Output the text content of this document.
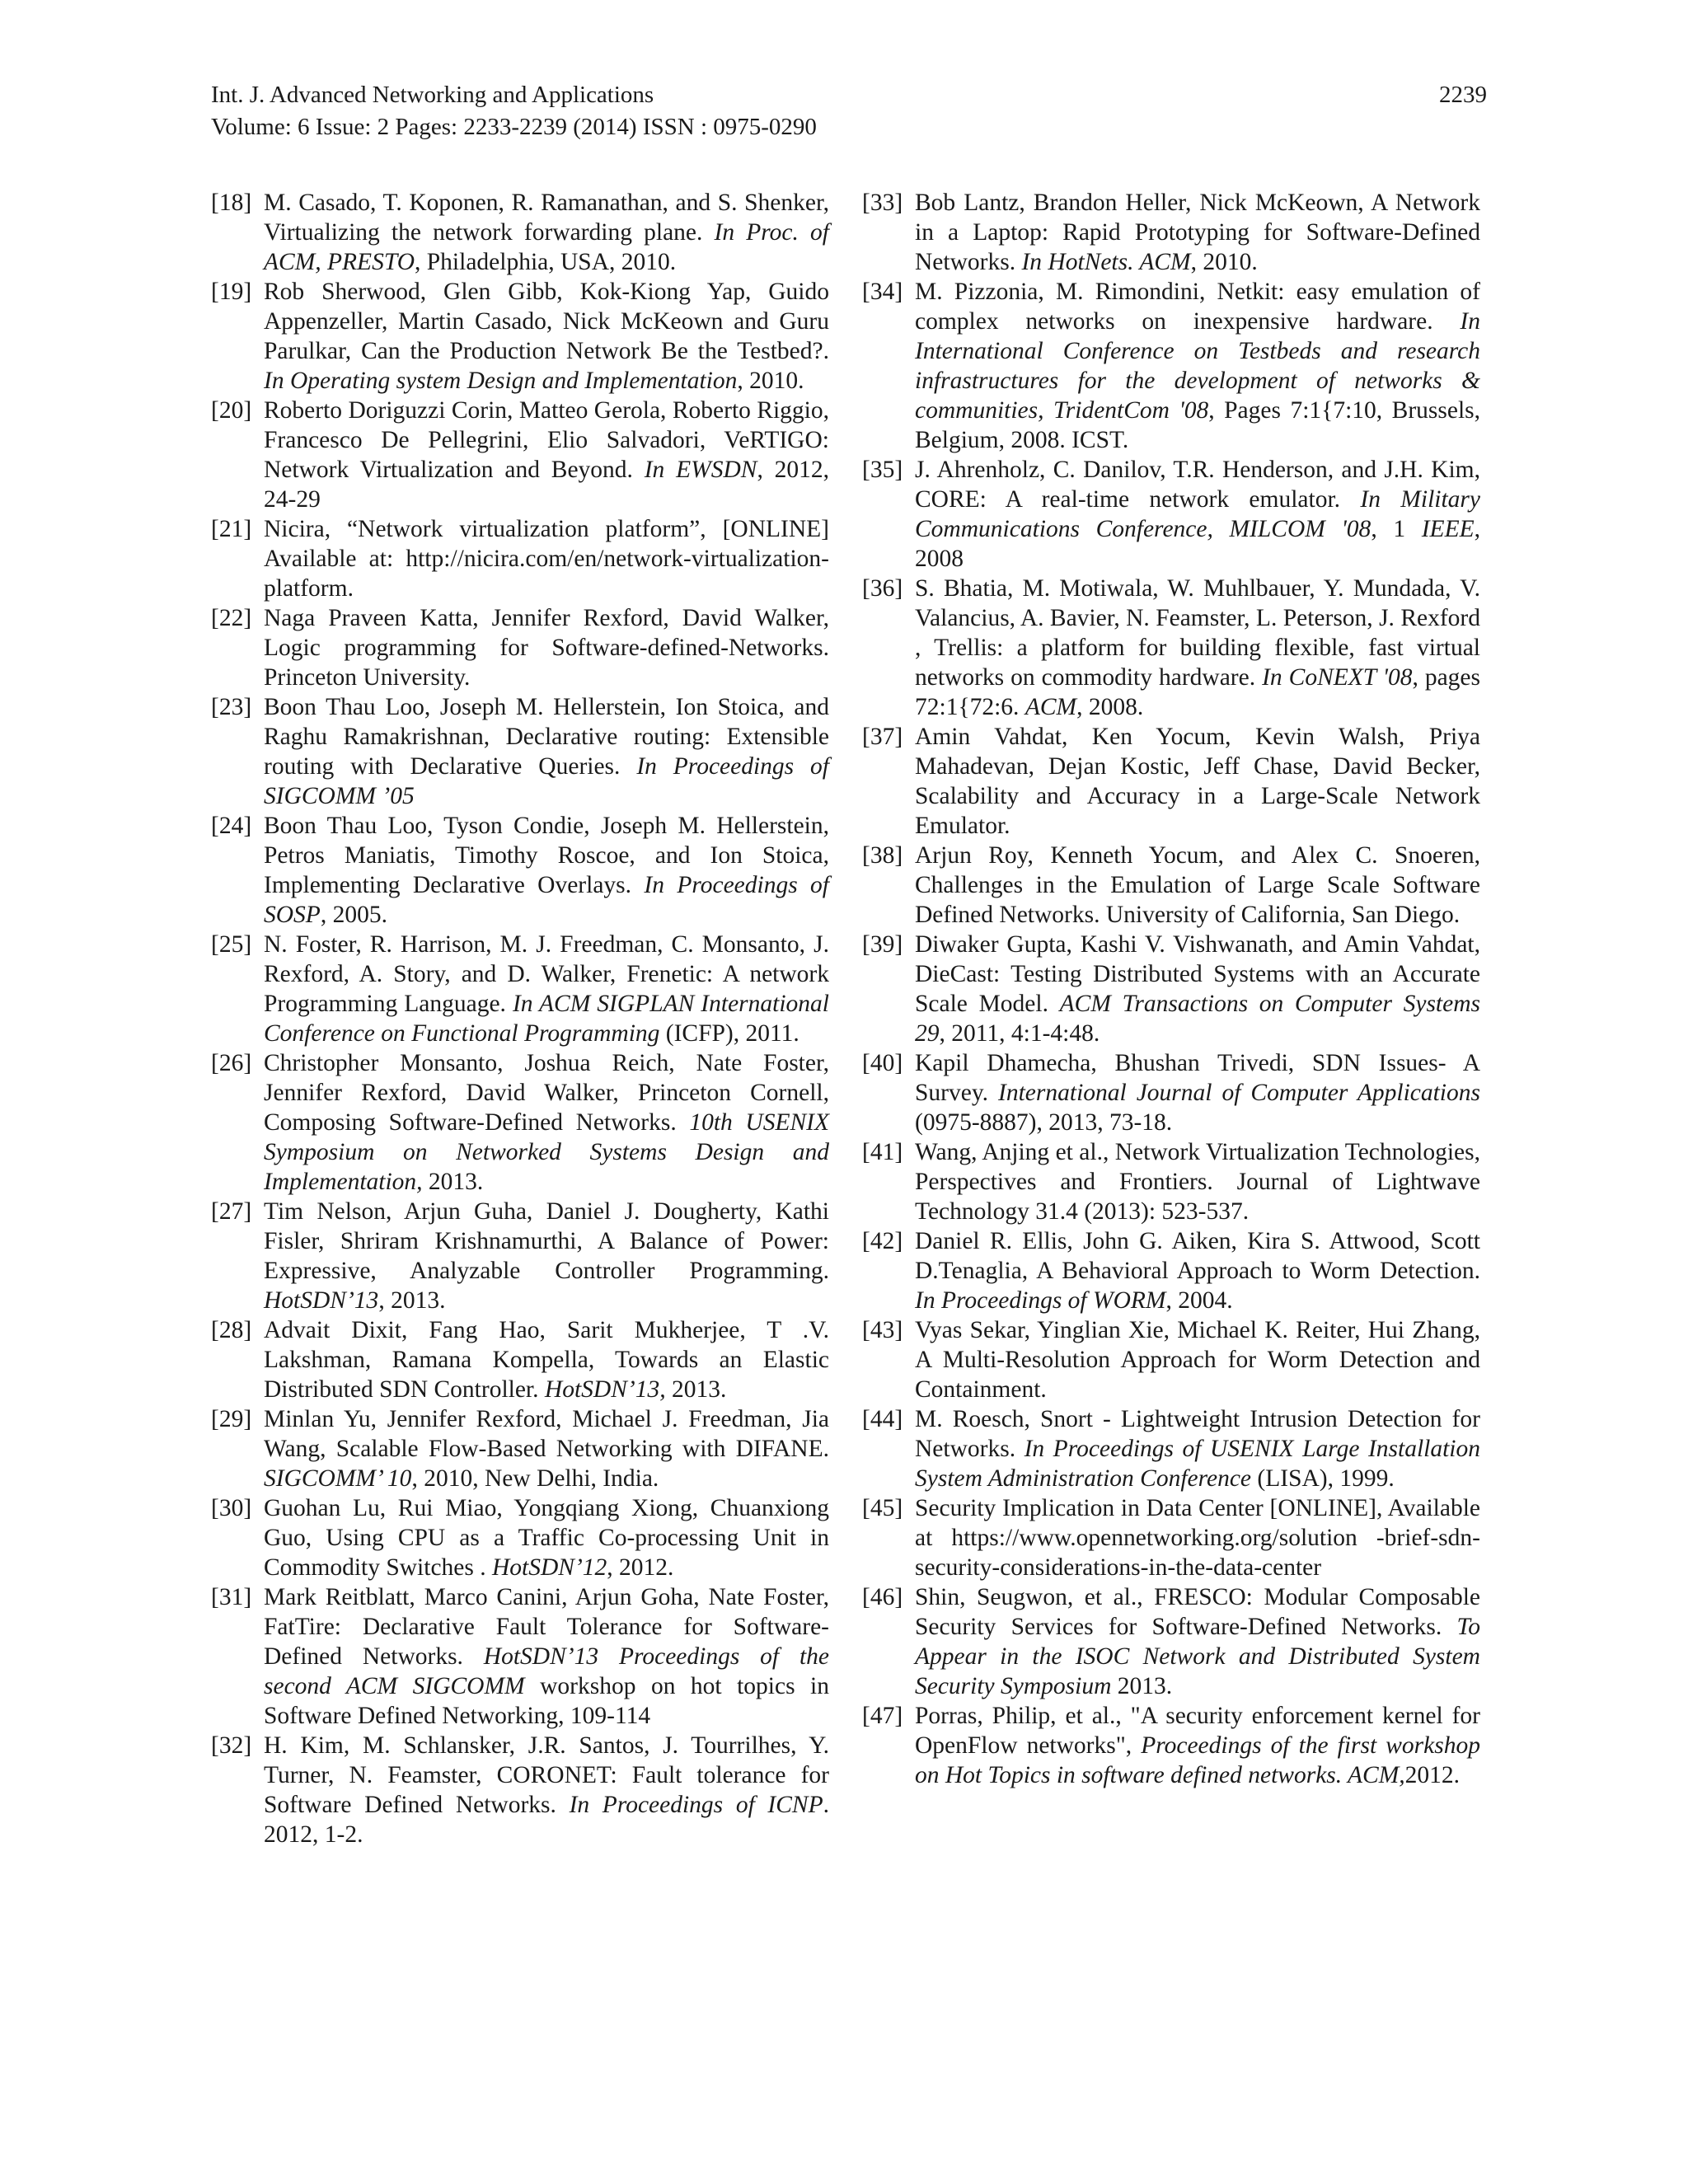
Int. J. Advanced Networking and Applications	2239
Volume: 6 Issue: 2 Pages: 2233-2239 (2014) ISSN : 0975-0290
[18] M. Casado, T. Koponen, R. Ramanathan, and S. Shenker, Virtualizing the network forwarding plane. In Proc. of ACM, PRESTO, Philadelphia, USA, 2010.
[19] Rob Sherwood, Glen Gibb, Kok-Kiong Yap, Guido Appenzeller, Martin Casado, Nick McKeown and Guru Parulkar, Can the Production Network Be the Testbed?. In Operating system Design and Implementation, 2010.
[20] Roberto Doriguzzi Corin, Matteo Gerola, Roberto Riggio, Francesco De Pellegrini, Elio Salvadori, VeRTIGO: Network Virtualization and Beyond. In EWSDN, 2012, 24-29
[21] Nicira, “Network virtualization platform”, [ONLINE] Available at: http://nicira.com/en/network-virtualization-platform.
[22] Naga Praveen Katta, Jennifer Rexford, David Walker, Logic programming for Software-defined-Networks. Princeton University.
[23] Boon Thau Loo, Joseph M. Hellerstein, Ion Stoica, and Raghu Ramakrishnan, Declarative routing: Extensible routing with Declarative Queries. In Proceedings of SIGCOMM ’05
[24] Boon Thau Loo, Tyson Condie, Joseph M. Hellerstein, Petros Maniatis, Timothy Roscoe, and Ion Stoica, Implementing Declarative Overlays. In Proceedings of SOSP, 2005.
[25] N. Foster, R. Harrison, M. J. Freedman, C. Monsanto, J. Rexford, A. Story, and D. Walker, Frenetic: A network Programming Language. In ACM SIGPLAN International Conference on Functional Programming (ICFP), 2011.
[26] Christopher Monsanto, Joshua Reich, Nate Foster, Jennifer Rexford, David Walker, Princeton Cornell, Composing Software-Defined Networks. 10th USENIX Symposium on Networked Systems Design and Implementation, 2013.
[27] Tim Nelson, Arjun Guha, Daniel J. Dougherty, Kathi Fisler, Shriram Krishnamurthi, A Balance of Power: Expressive, Analyzable Controller Programming. HotSDN’13, 2013.
[28] Advait Dixit, Fang Hao, Sarit Mukherjee, T .V. Lakshman, Ramana Kompella, Towards an Elastic Distributed SDN Controller. HotSDN’13, 2013.
[29] Minlan Yu, Jennifer Rexford, Michael J. Freedman, Jia Wang, Scalable Flow-Based Networking with DIFANE. SIGCOMM’ 10, 2010, New Delhi, India.
[30] Guohan Lu, Rui Miao, Yongqiang Xiong, Chuanxiong Guo, Using CPU as a Traffic Co-processing Unit in Commodity Switches . HotSDN’12, 2012.
[31] Mark Reitblatt, Marco Canini, Arjun Goha, Nate Foster, FatTire: Declarative Fault Tolerance for Software-Defined Networks. HotSDN’13 Proceedings of the second ACM SIGCOMM workshop on hot topics in Software Defined Networking, 109-114
[32] H. Kim, M. Schlansker, J.R. Santos, J. Tourrilhes, Y. Turner, N. Feamster, CORONET: Fault tolerance for Software Defined Networks. In Proceedings of ICNP. 2012, 1-2.
[33] Bob Lantz, Brandon Heller, Nick McKeown, A Network in a Laptop: Rapid Prototyping for Software-Defined Networks. In HotNets. ACM, 2010.
[34] M. Pizzonia, M. Rimondini, Netkit: easy emulation of complex networks on inexpensive hardware. In International Conference on Testbeds and research infrastructures for the development of networks & communities, TridentCom '08, Pages 7:1{7:10, Brussels, Belgium, 2008. ICST.
[35] J. Ahrenholz, C. Danilov, T.R. Henderson, and J.H. Kim, CORE: A real-time network emulator. In Military Communications Conference, MILCOM '08, 1 IEEE, 2008
[36] S. Bhatia, M. Motiwala, W. Muhlbauer, Y. Mundada, V. Valancius, A. Bavier, N. Feamster, L. Peterson, J. Rexford , Trellis: a platform for building flexible, fast virtual networks on commodity hardware. In CoNEXT '08, pages 72:1{72:6. ACM, 2008.
[37] Amin Vahdat, Ken Yocum, Kevin Walsh, Priya Mahadevan, Dejan Kostic, Jeff Chase, David Becker, Scalability and Accuracy in a Large-Scale Network Emulator.
[38] Arjun Roy, Kenneth Yocum, and Alex C. Snoeren, Challenges in the Emulation of Large Scale Software Defined Networks. University of California, San Diego.
[39] Diwaker Gupta, Kashi V. Vishwanath, and Amin Vahdat, DieCast: Testing Distributed Systems with an Accurate Scale Model. ACM Transactions on Computer Systems 29, 2011, 4:1-4:48.
[40] Kapil Dhamecha, Bhushan Trivedi, SDN Issues- A Survey. International Journal of Computer Applications (0975-8887), 2013, 73-18.
[41] Wang, Anjing et al., Network Virtualization Technologies, Perspectives and Frontiers. Journal of Lightwave Technology 31.4 (2013): 523-537.
[42] Daniel R. Ellis, John G. Aiken, Kira S. Attwood, Scott D.Tenaglia, A Behavioral Approach to Worm Detection. In Proceedings of WORM, 2004.
[43] Vyas Sekar, Yinglian Xie, Michael K. Reiter, Hui Zhang, A Multi-Resolution Approach for Worm Detection and Containment.
[44] M. Roesch, Snort - Lightweight Intrusion Detection for Networks. In Proceedings of USENIX Large Installation System Administration Conference (LISA), 1999.
[45] Security Implication in Data Center [ONLINE], Available at https://www.opennetworking.org/solution -brief-sdn-security-considerations-in-the-data-center
[46] Shin, Seugwon, et al., FRESCO: Modular Composable Security Services for Software-Defined Networks. To Appear in the ISOC Network and Distributed System Security Symposium 2013.
[47] Porras, Philip, et al., "A security enforcement kernel for OpenFlow networks", Proceedings of the first workshop on Hot Topics in software defined networks. ACM,2012.
